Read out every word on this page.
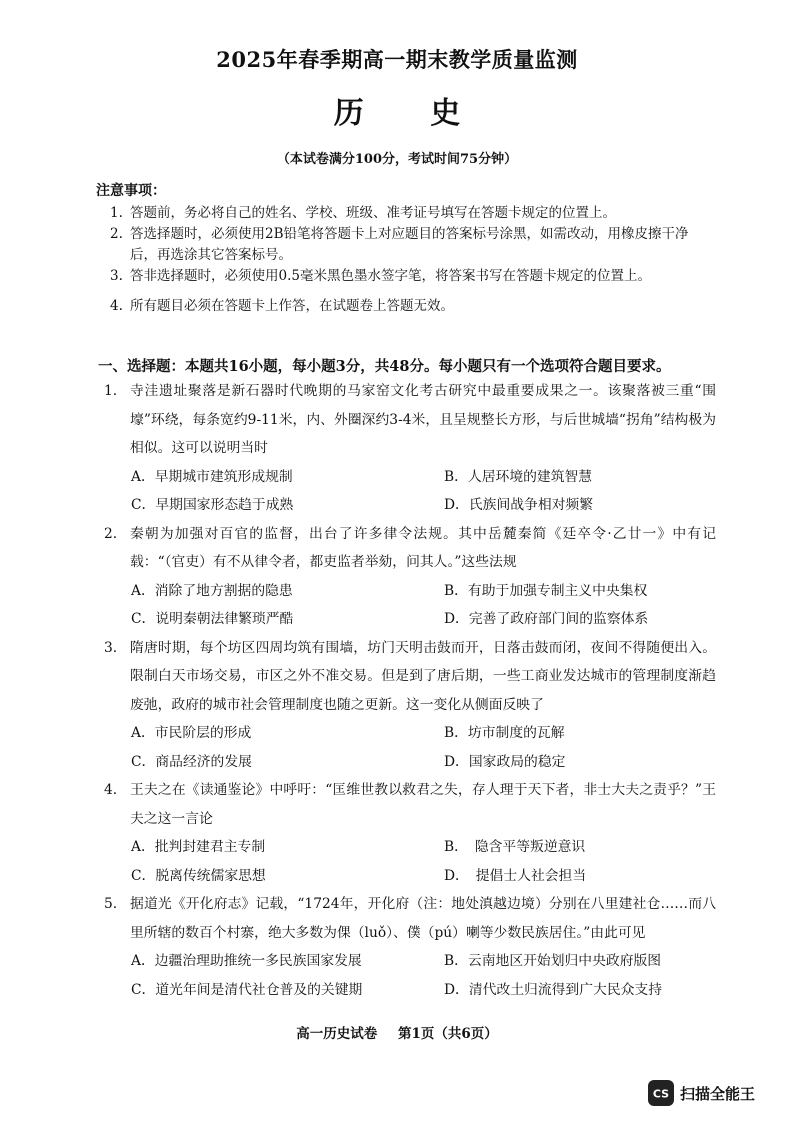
2025年春季期高一期末教学质量监测
历 史
（本试卷满分100分，考试时间75分钟）
注意事项：
1. 答题前，务必将自己的姓名、学校、班级、准考证号填写在答题卡规定的位置上。
2. 答选择题时，必须使用2B铅笔将答题卡上对应题目的答案标号涂黑，如需改动，用橡皮擦干净后，再选涂其它答案标号。
3. 答非选择题时，必须使用0.5毫米黑色墨水签字笔，将答案书写在答题卡规定的位置上。
4. 所有题目必须在答题卡上作答，在试题卷上答题无效。
一、选择题：本题共16小题，每小题3分，共48分。每小题只有一个选项符合题目要求。
1. 寺洼遗址聚落是新石器时代晚期的马家窑文化考古研究中最重要成果之一。该聚落被三重“围壕”环绕，每条宽约9-11米，内、外圈深约3-4米，且呈规整长方形，与后世城墙“拐角”结构极为相似。这可以说明当时
A．早期城市建筑形成规制	B．人居环境的建筑智慧
C．早期国家形态趋于成熟	D．氏族间战争相对频繁
2. 秦朝为加强对百官的监督，出台了许多律令法规。其中岳麓秦简《廷卒令·乙廿一》中有记载：“（官吏）有不从律令者，都吏监者举劾，问其人。”这些法规
A．消除了地方割据的隐患	B．有助于加强专制主义中央集权
C．说明秦朝法律繁琐严酷	D．完善了政府部门间的监察体系
3. 隋唐时期，每个坊区四周均筑有围墙，坊门天明击鼓而开，日落击鼓而闭，夜间不得随便出入。限制白天市场交易，市区之外不准交易。但是到了唐后期，一些工商业发达城市的管理制度渐趋废弛，政府的城市社会管理制度也随之更新。这一变化从侧面反映了
A．市民阶层的形成	B．坊市制度的瓦解
C．商品经济的发展	D．国家政局的稳定
4. 王夫之在《读通鉴论》中呼吁：“匡维世教以救君之失，存人理于天下者，非士大夫之责乎？”王夫之这一言论
A．批判封建君主专制	B．　隐含平等叛逆意识
C．脱离传统儒家思想	D．　提倡士人社会担当
5. 据道光《开化府志》记载，“1724年，开化府（注：地处滇越边境）分别在八里建社仓……而八里所辖的数百个村寨，绝大多数为倮（luǒ）、僕（pú）喇等少数民族居住。”由此可见
A．边疆治理助推统一多民族国家发展	B．云南地区开始划归中央政府版图
C．道光年间是清代社仓普及的关键期	D．清代改土归流得到广大民众支持
高一历史试卷 第1页（共6页）
CS 扫描全能王
